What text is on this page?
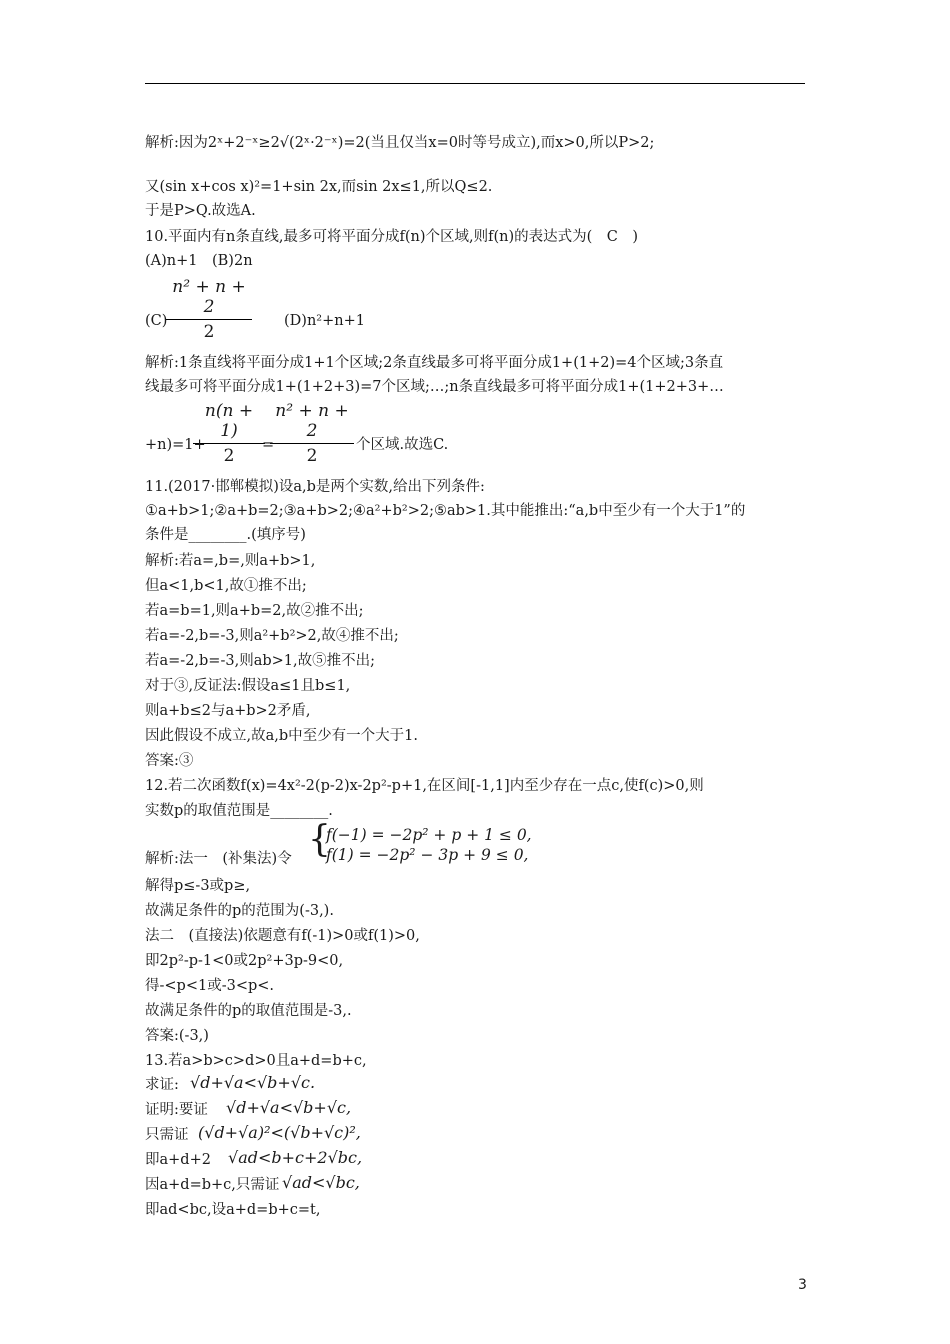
解析:因为2ˣ+2⁻ˣ≥2√(2ˣ·2⁻ˣ)=2(当且仅当x=0时等号成立),而x>0,所以P>2;
又(sin x+cos x)²=1+sin 2x,而sin 2x≤1,所以Q≤2.
于是P>Q.故选A.
10.平面内有n条直线,最多可将平面分成f(n)个区域,则f(n)的表达式为(　C　)
(A)n+1　(B)2n
n² + n + 2
2
(C)	(D)n²+n+1
解析:1条直线将平面分成1+1个区域;2条直线最多可将平面分成1+(1+2)=4个区域;3条直
线最多可将平面分成1+(1+2+3)=7个区域;…;n条直线最多可将平面分成1+(1+2+3+…
n(n + 1)
2
n² + n + 2
2
+n)=1+	=	个区域.故选C.
11.(2017·邯郸模拟)设a,b是两个实数,给出下列条件:
①a+b>1;②a+b=2;③a+b>2;④a²+b²>2;⑤ab>1.其中能推出:“a,b中至少有一个大于1”的
条件是________.(填序号)
解析:若a=,b=,则a+b>1,
但a<1,b<1,故①推不出;
若a=b=1,则a+b=2,故②推不出;
若a=-2,b=-3,则a²+b²>2,故④推不出;
若a=-2,b=-3,则ab>1,故⑤推不出;
对于③,反证法:假设a≤1且b≤1,
则a+b≤2与a+b>2矛盾,
因此假设不成立,故a,b中至少有一个大于1.
答案:③
12.若二次函数f(x)=4x²-2(p-2)x-2p²-p+1,在区间[-1,1]内至少存在一点c,使f(c)>0,则
实数p的取值范围是________.
{
f(−1) = −2p² + p + 1 ≤ 0,
f(1) = −2p² − 3p + 9 ≤ 0,
解析:法一　(补集法)令
解得p≤-3或p≥,
故满足条件的p的范围为(-3,).
法二　(直接法)依题意有f(-1)>0或f(1)>0,
即2p²-p-1<0或2p²+3p-9<0,
得-<p<1或-3<p<.
故满足条件的p的取值范围是-3,.
答案:(-3,)
13.若a>b>c>d>0且a+d=b+c,
求证: √d+√a<√b+√c.
证明:要证 √d+√a<√b+√c,
只需证 (√d+√a)²<(√b+√c)²,
即a+d+2 √ad<b+c+2√bc,
因a+d=b+c,只需证 √ad<√bc,
即ad<bc,设a+d=b+c=t,
3
